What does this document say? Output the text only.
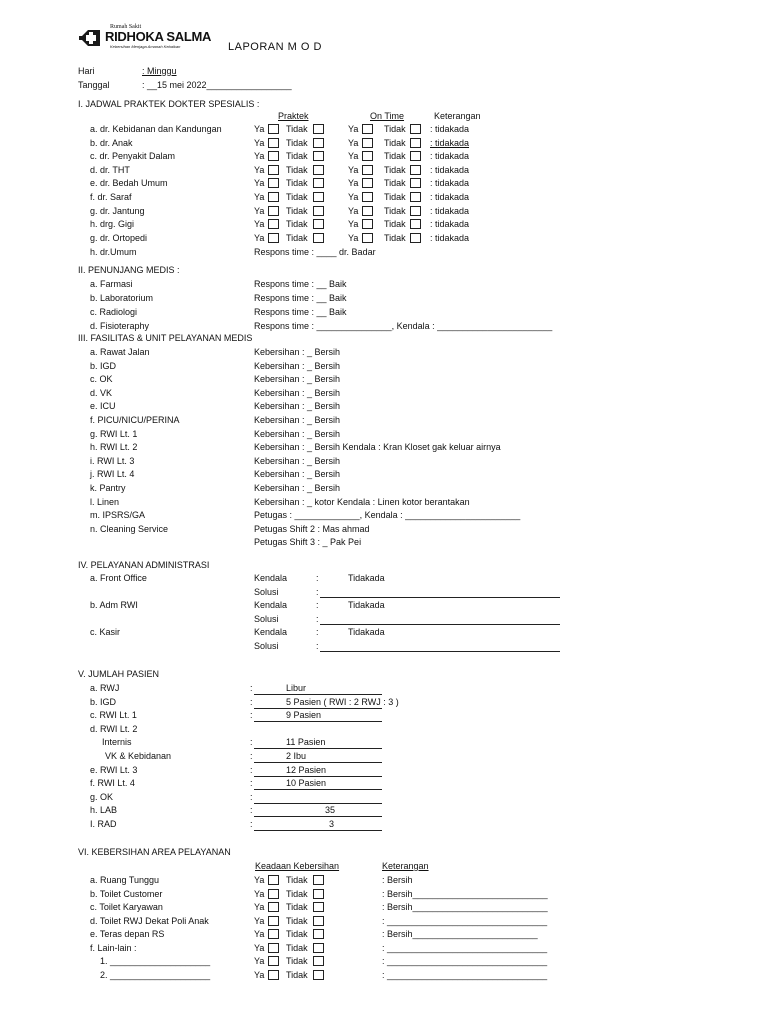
Rumah Sakit
RIDHOKA SALMA
Kebersihan Menjaga Amanah Kebaikan	LAPORAN M O D
Hari	: Minggu
Tanggal	: __15 mei 2022_________________
I. JADWAL PRAKTEK DOKTER SPESIALIS :
Praktek	On Time	Keterangan
a. dr. Kebidanan dan Kandungan	Ya Tidak	Ya	Tidak	: tidakada
b. dr. Anak	Ya Tidak	Ya	Tidak	: tidakada
c. dr. Penyakit Dalam	Ya Tidak	Ya	Tidak	: tidakada
d. dr. THT	Ya Tidak	Ya	Tidak	: tidakada
e. dr. Bedah Umum	Ya Tidak	Ya	Tidak	: tidakada
f. dr. Saraf	Ya Tidak	Ya	Tidak	: tidakada
g. dr. Jantung	Ya Tidak	Ya	Tidak	: tidakada
h. drg. Gigi	Ya Tidak	Ya	Tidak	: tidakada
g. dr. Ortopedi	Ya Tidak	Ya	Tidak	: tidakada
h. dr.Umum	Respons time : ____ dr. Badar
II. PENUNJANG MEDIS :
a. Farmasi	Respons time : __ Baik
b. Laboratorium	Respons time : __ Baik
c. Radiologi	Respons time : __ Baik
d. Fisioteraphy	Respons time : _______________, Kendala : _______________________
III. FASILITAS & UNIT PELAYANAN MEDIS
a. Rawat Jalan	Kebersihan : _ Bersih
b. IGD	Kebersihan : _ Bersih
c. OK	Kebersihan : _ Bersih
d. VK	Kebersihan : _ Bersih
e. ICU	Kebersihan : _ Bersih
f. PICU/NICU/PERINA	Kebersihan : _ Bersih
g. RWI Lt. 1	Kebersihan : _ Bersih
h. RWI Lt. 2	Kebersihan : _ Bersih Kendala : Kran Kloset gak keluar airnya
i. RWI Lt. 3	Kebersihan : _ Bersih
j. RWI Lt. 4	Kebersihan : _ Bersih
k. Pantry	Kebersihan : _ Bersih
l. Linen	Kebersihan : _ kotor Kendala : Linen kotor berantakan
m. IPSRS/GA	Petugas : _____________, Kendala : _______________________
n. Cleaning Service	Petugas Shift 2 : Mas ahmad
Petugas Shift 3 : _ Pak Pei
IV. PELAYANAN ADMINISTRASI
a. Front Office	Kendala	:	Tidakada
Solusi	:
b. Adm RWI	Kendala	:	Tidakada
Solusi	:
c. Kasir	Kendala	:	Tidakada
Solusi	:
V. JUMLAH PASIEN
a. RWJ	:	Libur
b. IGD	:	5 Pasien ( RWI : 2 RWJ : 3 )
c. RWI Lt. 1	:	9 Pasien
d. RWI Lt. 2
Internis	:	11 Pasien
VK & Kebidanan	:	2 Ibu
e. RWI Lt. 3	:	12 Pasien
f. RWI Lt. 4	:	10 Pasien
g. OK	:
h. LAB	:	35
I. RAD	:	3
VI. KEBERSIHAN AREA PELAYANAN
Keadaan Kebersihan	Keterangan
a. Ruang Tunggu	Ya Tidak	: Bersih
b. Toilet Customer	Ya Tidak	: Bersih___________________________
c. Toilet Karyawan	Ya Tidak	: Bersih___________________________
d. Toilet RWJ Dekat Poli Anak	Ya Tidak	: ________________________________
e. Teras depan RS	Ya Tidak	: Bersih_________________________
f. Lain-lain :	Ya Tidak	: ________________________________
1. ____________________	Ya Tidak	: ________________________________
2. ____________________	Ya Tidak	: ________________________________
